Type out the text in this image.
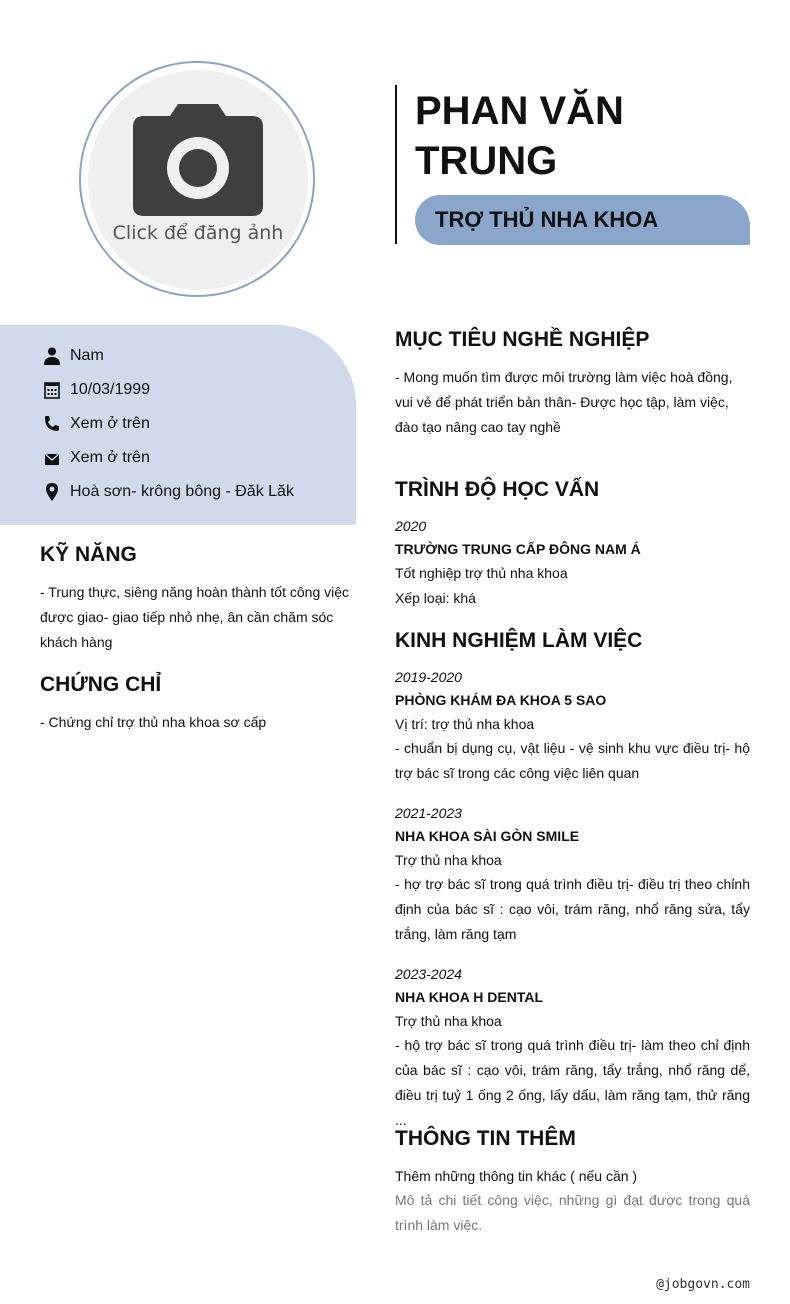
Click để đăng ảnh
PHAN VĂN TRUNG
TRỢ THỦ NHA KHOA
Nam
10/03/1999
Xem ở trên
Xem ở trên
Hoà sơn- krông bông - Đăk Lăk
KỸ NĂNG
- Trung thực, siêng năng hoàn thành tốt công việc được giao- giao tiếp nhỏ nhẹ, ân cần chăm sóc khách hàng
CHỨNG CHỈ
- Chứng chỉ trợ thủ nha khoa sơ cấp
MỤC TIÊU NGHỀ NGHIỆP
- Mong muốn tìm được môi trường làm việc hoà đồng, vui vẻ để phát triển bản thân- Được học tập, làm việc, đào tạo nâng cao tay nghề
TRÌNH ĐỘ HỌC VẤN
2020
TRƯỜNG TRUNG CẤP ĐÔNG NAM Á
Tốt nghiệp trợ thủ nha khoa
Xếp loại: khá
KINH NGHIỆM LÀM VIỆC
2019-2020
PHÒNG KHÁM ĐA KHOA 5 SAO
Vị trí: trợ thủ nha khoa
- chuẩn bị dụng cụ, vật liệu - vệ sinh khu vực điều trị- hộ trợ bác sĩ trong các công việc liên quan
2021-2023
NHA KHOA SÀI GÒN SMILE
Trợ thủ nha khoa
- hợ trợ bác sĩ trong quá trình điều trị- điều trị theo chỉnh định của bác sĩ : cạo vôi, trám răng, nhổ răng sửa, tẩy trắng, làm răng tạm
2023-2024
NHA KHOA H DENTAL
Trợ thủ nha khoa
- hộ trợ bác sĩ trong quá trình điều trị- làm theo chỉ định của bác sĩ : cạo vôi, trám răng, tẩy trắng, nhổ răng dể, điều trị tuỷ 1 ống 2 ống, lấy dấu, làm răng tạm, thử răng ...
THÔNG TIN THÊM
Thêm những thông tin khác ( nếu cần )
Mô tả chi tiết công việc, những gì đạt được trong quá trình làm việc.
@jobgovn.com
